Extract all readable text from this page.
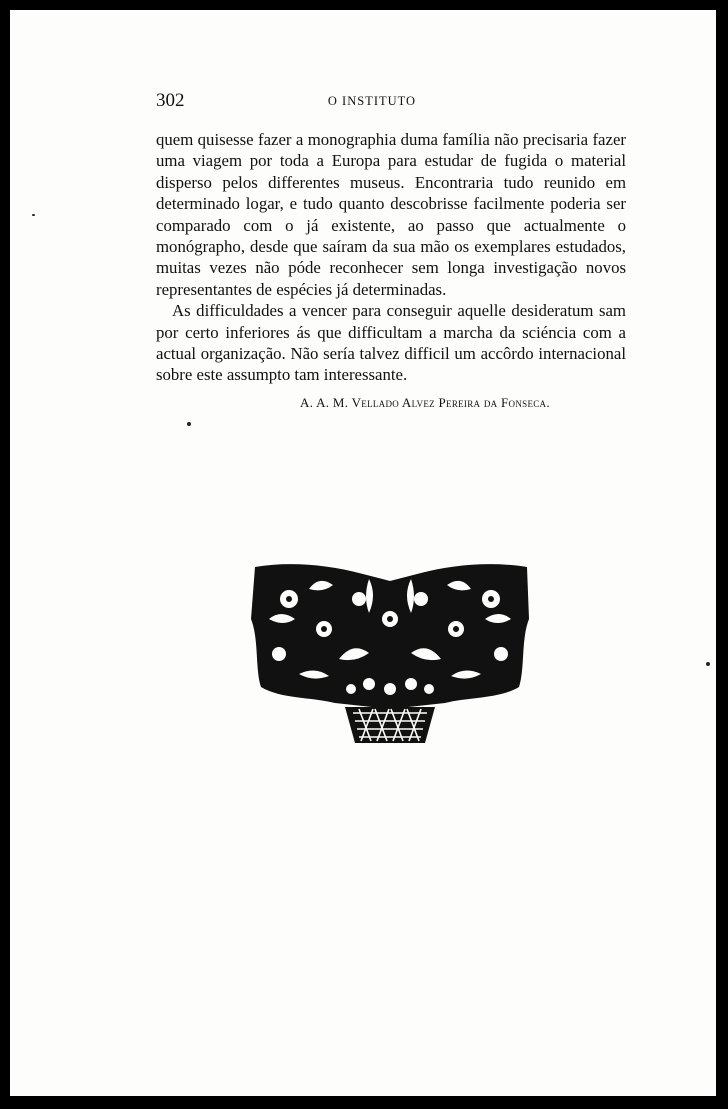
302	O INSTITUTO

quem quisesse fazer a monographia duma família não precisaria fazer uma viagem por toda a Europa para estudar de fugida o material disperso pelos differentes museus. Encontraria tudo reunido em determinado logar, e tudo quanto descobrisse facilmente poderia ser comparado com o já existente, ao passo que actualmente o monógrapho, desde que saíram da sua mão os exemplares estudados, muitas vezes não póde reconhecer sem longa investigação novos representantes de espécies já determinadas.

As difficuldades a vencer para conseguir aquelle desideratum sam por certo inferiores ás que difficultam a marcha da sciéncia com a actual organização. Não sería talvez difficil um accôrdo internacional sobre este assumpto tam interessante.

A. A. M. Vellado Alvez Pereira da Fonseca.
